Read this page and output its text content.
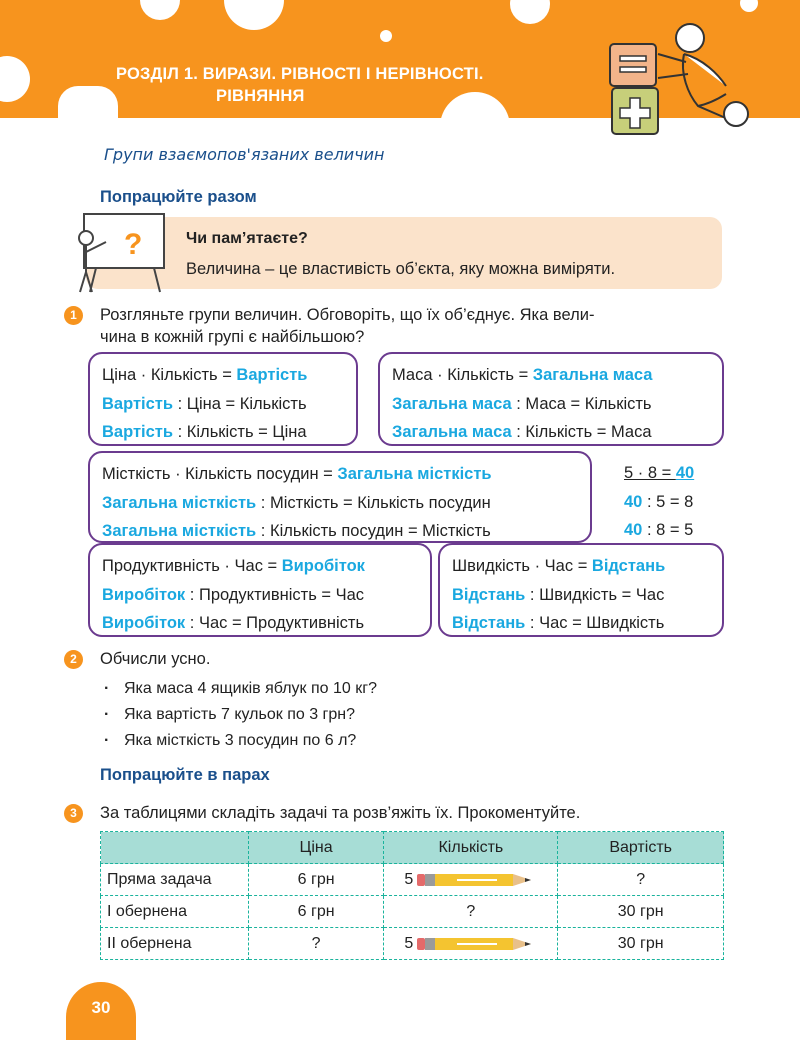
РОЗДІЛ 1. ВИРАЗИ. РІВНОСТІ І НЕРІВНОСТІ.
РІВНЯННЯ
Групи взаємопов'язаних величин
Попрацюйте разом
Чи пам’ятаєте?
Величина – це властивість об’єкта, яку можна виміряти.
?
1	Розгляньте групи величин. Обговоріть, що їх об’єднує. Яка вели-
чина в кожній групі є найбільшою?
Ціна · Кількість = Вартість
Вартість : Ціна = Кількість
Вартість : Кількість = Ціна
Маса · Кількість = Загальна маса
Загальна маса : Маса = Кількість
Загальна маса : Кількість = Маса
Місткість · Кількість посудин = Загальна місткість
Загальна місткість : Місткість = Кількість посудин
Загальна місткість : Кількість посудин = Місткість
5 · 8 = 40
40 : 5 = 8
40 : 8 = 5
Продуктивність · Час = Виробіток
Виробіток : Продуктивність = Час
Виробіток : Час = Продуктивність
Швидкість · Час = Відстань
Відстань : Швидкість = Час
Відстань : Час = Швидкість
2	Обчисли усно.
· Яка маса 4 ящиків яблук по 10 кг?
· Яка вартість 7 кульок по 3 грн?
· Яка місткість 3 посудин по 6 л?
Попрацюйте в парах
3	За таблицями складіть задачі та розв’яжіть їх. Прокоментуйте.
	Ціна	Кількість	Вартість
Пряма задача	6 грн	5	?
І обернена	6 грн	?	30 грн
ІІ обернена	?	5	30 грн
30
